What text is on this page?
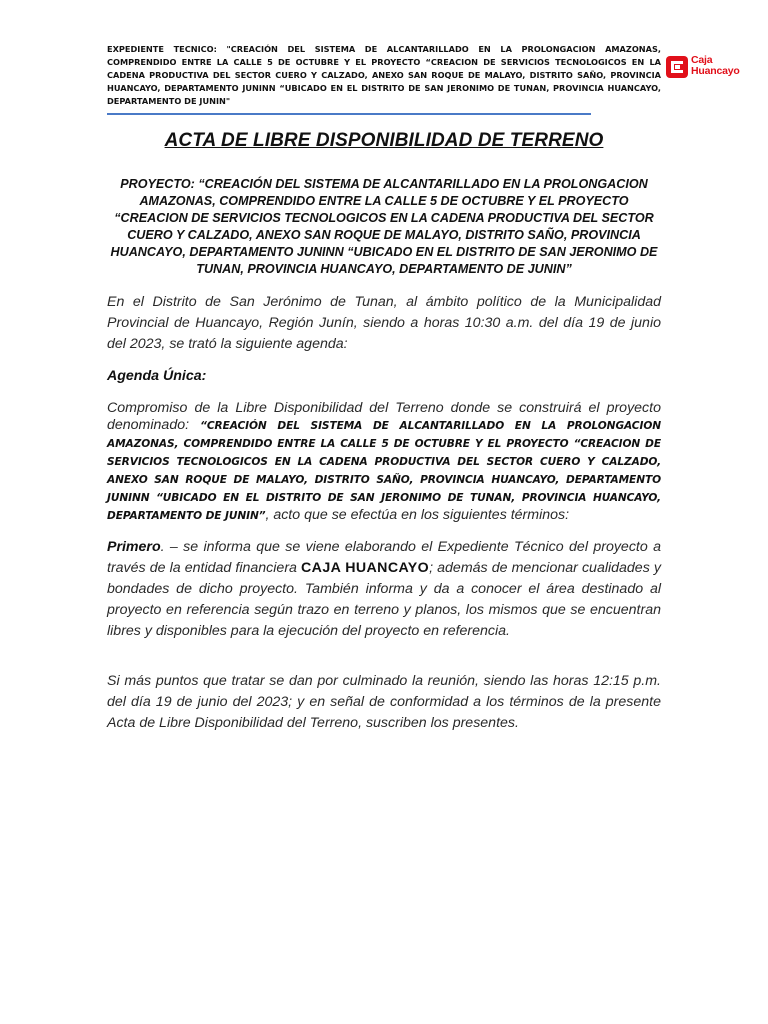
EXPEDIENTE TECNICO: "CREACIÓN DEL SISTEMA DE ALCANTARILLADO EN LA PROLONGACION AMAZONAS, COMPRENDIDO ENTRE LA CALLE 5 DE OCTUBRE Y EL PROYECTO “CREACION DE SERVICIOS TECNOLOGICOS EN LA CADENA PRODUCTIVA DEL SECTOR CUERO Y CALZADO, ANEXO SAN ROQUE DE MALAYO, DISTRITO SAÑO, PROVINCIA HUANCAYO, DEPARTAMENTO JUNINN “UBICADO EN EL DISTRITO DE SAN JERONIMO DE TUNAN, PROVINCIA HUANCAYO, DEPARTAMENTO DE JUNIN"
Caja
Huancayo
ACTA DE LIBRE DISPONIBILIDAD DE TERRENO
PROYECTO: “CREACIÓN DEL SISTEMA DE ALCANTARILLADO EN LA PROLONGACION AMAZONAS, COMPRENDIDO ENTRE LA CALLE 5 DE OCTUBRE Y EL PROYECTO “CREACION DE SERVICIOS TECNOLOGICOS EN LA CADENA PRODUCTIVA DEL SECTOR CUERO Y CALZADO, ANEXO SAN ROQUE DE MALAYO, DISTRITO SAÑO, PROVINCIA HUANCAYO, DEPARTAMENTO JUNINN “UBICADO EN EL DISTRITO DE SAN JERONIMO DE TUNAN, PROVINCIA HUANCAYO, DEPARTAMENTO DE JUNIN”
En el Distrito de San Jerónimo de Tunan, al ámbito político de la Municipalidad Provincial de Huancayo, Región Junín, siendo a horas 10:30 a.m. del día 19 de junio del 2023, se trató la siguiente agenda:
Agenda Única:
Compromiso de la Libre Disponibilidad del Terreno donde se construirá el proyecto denominado: “CREACIÓN DEL SISTEMA DE ALCANTARILLADO EN LA PROLONGACION AMAZONAS, COMPRENDIDO ENTRE LA CALLE 5 DE OCTUBRE Y EL PROYECTO “CREACION DE SERVICIOS TECNOLOGICOS EN LA CADENA PRODUCTIVA DEL SECTOR CUERO Y CALZADO, ANEXO SAN ROQUE DE MALAYO, DISTRITO SAÑO, PROVINCIA HUANCAYO, DEPARTAMENTO JUNINN “UBICADO EN EL DISTRITO DE SAN JERONIMO DE TUNAN, PROVINCIA HUANCAYO, DEPARTAMENTO DE JUNIN”, acto que se efectúa en los siguientes términos:
Primero. – se informa que se viene elaborando el Expediente Técnico del proyecto a través de la entidad financiera CAJA HUANCAYO; además de mencionar cualidades y bondades de dicho proyecto. También informa y da a conocer el área destinado al proyecto en referencia según trazo en terreno y planos, los mismos que se encuentran libres y disponibles para la ejecución del proyecto en referencia.
Si más puntos que tratar se dan por culminado la reunión, siendo las horas 12:15 p.m. del día 19 de junio del 2023; y en señal de conformidad a los términos de la presente Acta de Libre Disponibilidad del Terreno, suscriben los presentes.
